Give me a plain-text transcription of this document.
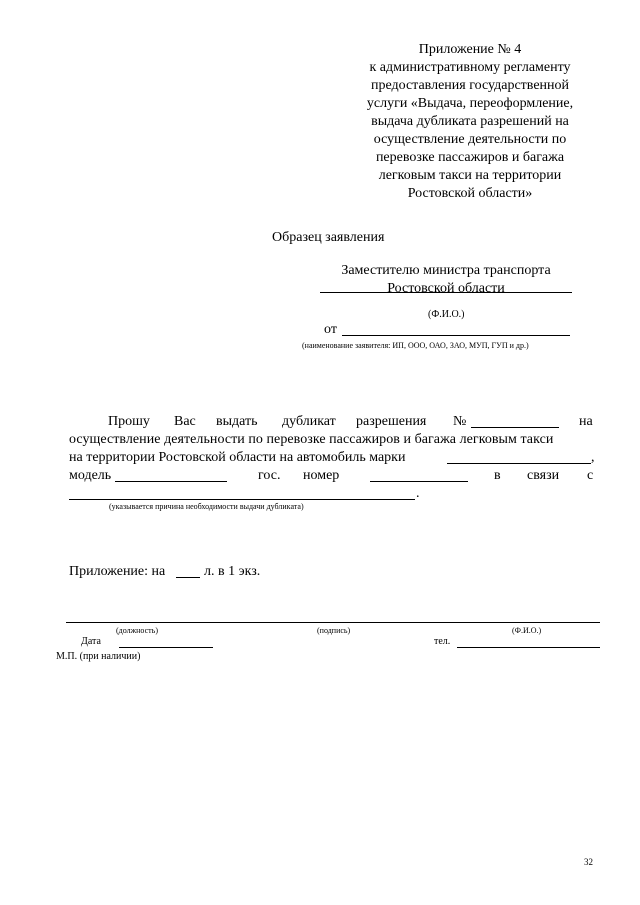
Приложение № 4
к административному регламенту
предоставления государственной
услуги «Выдача, переоформление,
выдача дубликата разрешений на
осуществление деятельности по
перевозке пассажиров и багажа
легковым такси на территории
Ростовской области»
Образец заявления
Заместителю министра транспорта
Ростовской области
(Ф.И.О.)
от
(наименование заявителя: ИП, ООО, ОАО, ЗАО, МУП, ГУП и др.)
Прошу Вас выдать дубликат разрешения №	на
осуществление деятельности по перевозке пассажиров и багажа легковым такси
на территории Ростовской области на автомобиль марки	,
модель	гос. номер	в связи с
.
(указывается причина необходимости выдачи дубликата)
Приложение: на	л. в 1 экз.
(должность)	(подпись)	(Ф.И.О.)
Дата	тел.
М.П. (при наличии)
32
